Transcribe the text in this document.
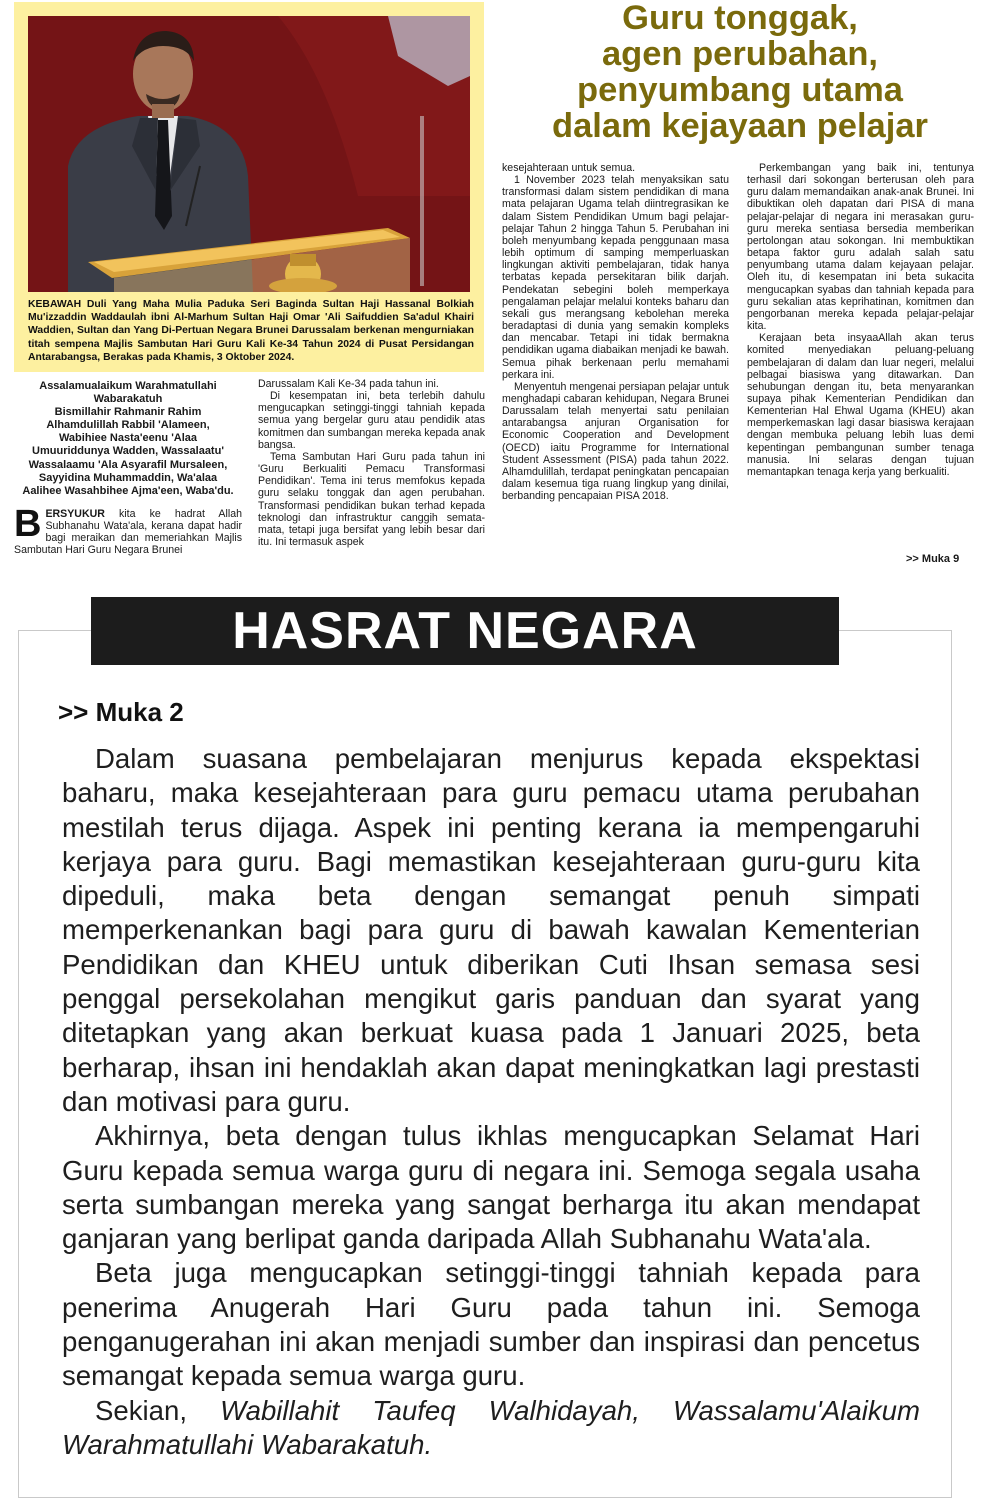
KEBAWAH Duli Yang Maha Mulia Paduka Seri Baginda Sultan Haji Hassanal Bolkiah Mu'izzaddin Waddaulah ibni Al-Marhum Sultan Haji Omar 'Ali Saifuddien Sa'adul Khairi Waddien, Sultan dan Yang Di-Pertuan Negara Brunei Darussalam berkenan mengurniakan titah sempena Majlis Sambutan Hari Guru Kali Ke-34 Tahun 2024 di Pusat Persidangan Antarabangsa, Berakas pada Khamis, 3 Oktober 2024.
Guru tonggak,
agen perubahan,
penyumbang utama
dalam kejayaan pelajar
Assalamualaikum Warahmatullahi
Wabarakatuh
Bismillahir Rahmanir Rahim
Alhamdulillah Rabbil 'Alameen,
Wabihiee Nasta'eenu 'Alaa
Umuuriddunya Wadden, Wassalaatu'
Wassalaamu 'Ala Asyarafil Mursaleen,
Sayyidina Muhammaddin, Wa'alaa
Aalihee Wasahbihee Ajma'een, Waba'du.
B ERSYUKUR kita ke hadrat Allah Subhanahu Wata'ala, kerana dapat hadir bagi meraikan dan memeriahkan Majlis Sambutan Hari Guru Negara Brunei

Darussalam Kali Ke-34 pada tahun ini.

Di kesempatan ini, beta terlebih dahulu mengucapkan setinggi-tinggi tahniah kepada semua yang bergelar guru atau pendidik atas komitmen dan sumbangan mereka kepada anak bangsa.

Tema Sambutan Hari Guru pada tahun ini 'Guru Berkualiti Pemacu Transformasi Pendidikan'. Tema ini terus memfokus kepada guru selaku tonggak dan agen perubahan. Transformasi pendidikan bukan terhad kepada teknologi dan infrastruktur canggih semata-mata, tetapi juga bersifat yang lebih besar dari itu. Ini termasuk aspek

kesejahteraan untuk semua.

1 November 2023 telah menyaksikan satu transformasi dalam sistem pendidikan di mana mata pelajaran Ugama telah diintregrasikan ke dalam Sistem Pendidikan Umum bagi pelajar-pelajar Tahun 2 hingga Tahun 5. Perubahan ini boleh menyumbang kepada penggunaan masa lebih optimum di samping memperluaskan lingkungan aktiviti pembelajaran, tidak hanya terbatas kepada persekitaran bilik darjah. Pendekatan sebegini boleh memperkaya pengalaman pelajar melalui konteks baharu dan sekali gus merangsang kebolehan mereka beradaptasi di dunia yang semakin kompleks dan mencabar. Tetapi ini tidak bermakna pendidikan ugama diabaikan menjadi ke bawah. Semua pihak berkenaan perlu memahami perkara ini.

Menyentuh mengenai persiapan pelajar untuk menghadapi cabaran kehidupan, Negara Brunei Darussalam telah menyertai satu penilaian antarabangsa anjuran Organisation for Economic Cooperation and Development (OECD) iaitu Programme for International Student Assessment (PISA) pada tahun 2022. Alhamdulillah, terdapat peningkatan pencapaian dalam kesemua tiga ruang lingkup yang dinilai, berbanding pencapaian PISA 2018.

Perkembangan yang baik ini, tentunya terhasil dari sokongan berterusan oleh para guru dalam memandaikan anak-anak Brunei. Ini dibuktikan oleh dapatan dari PISA di mana pelajar-pelajar di negara ini merasakan guru-guru mereka sentiasa bersedia memberikan pertolongan atau sokongan. Ini membuktikan betapa faktor guru adalah salah satu penyumbang utama dalam kejayaan pelajar. Oleh itu, di kesempatan ini beta sukacita mengucapkan syabas dan tahniah kepada para guru sekalian atas keprihatinan, komitmen dan pengorbanan mereka kepada pelajar-pelajar kita.

Kerajaan beta insyaaAllah akan terus komited menyediakan peluang-peluang pembelajaran di dalam dan luar negeri, melalui pelbagai biasiswa yang ditawarkan. Dan sehubungan dengan itu, beta menyarankan supaya pihak Kementerian Pendidikan dan Kementerian Hal Ehwal Ugama (KHEU) akan memperkemaskan lagi dasar biasiswa kerajaan dengan membuka peluang lebih luas demi kepentingan pembangunan sumber tenaga manusia. Ini selaras dengan tujuan memantapkan tenaga kerja yang berkualiti.

>> Muka 9
HASRAT NEGARA
>> Muka 2

Dalam suasana pembelajaran menjurus kepada ekspektasi baharu, maka kesejahteraan para guru pemacu utama perubahan mestilah terus dijaga. Aspek ini penting kerana ia mempengaruhi kerjaya para guru. Bagi memastikan kesejahteraan guru-guru kita dipeduli, maka beta dengan semangat penuh simpati memperkenankan bagi para guru di bawah kawalan Kementerian Pendidikan dan KHEU untuk diberikan Cuti Ihsan semasa sesi penggal persekolahan mengikut garis panduan dan syarat yang ditetapkan yang akan berkuat kuasa pada 1 Januari 2025, beta berharap, ihsan ini hendaklah akan dapat meningkatkan lagi prestasti dan motivasi para guru.

Akhirnya, beta dengan tulus ikhlas mengucapkan Selamat Hari Guru kepada semua warga guru di negara ini. Semoga segala usaha serta sumbangan mereka yang sangat berharga itu akan mendapat ganjaran yang berlipat ganda daripada Allah Subhanahu Wata'ala.

Beta juga mengucapkan setinggi-tinggi tahniah kepada para penerima Anugerah Hari Guru pada tahun ini. Semoga penganugerahan ini akan menjadi sumber dan inspirasi dan pencetus semangat kepada semua warga guru.

Sekian, Wabillahit Taufeq Walhidayah, Wassalamu'Alaikum Warahmatullahi Wabarakatuh.
